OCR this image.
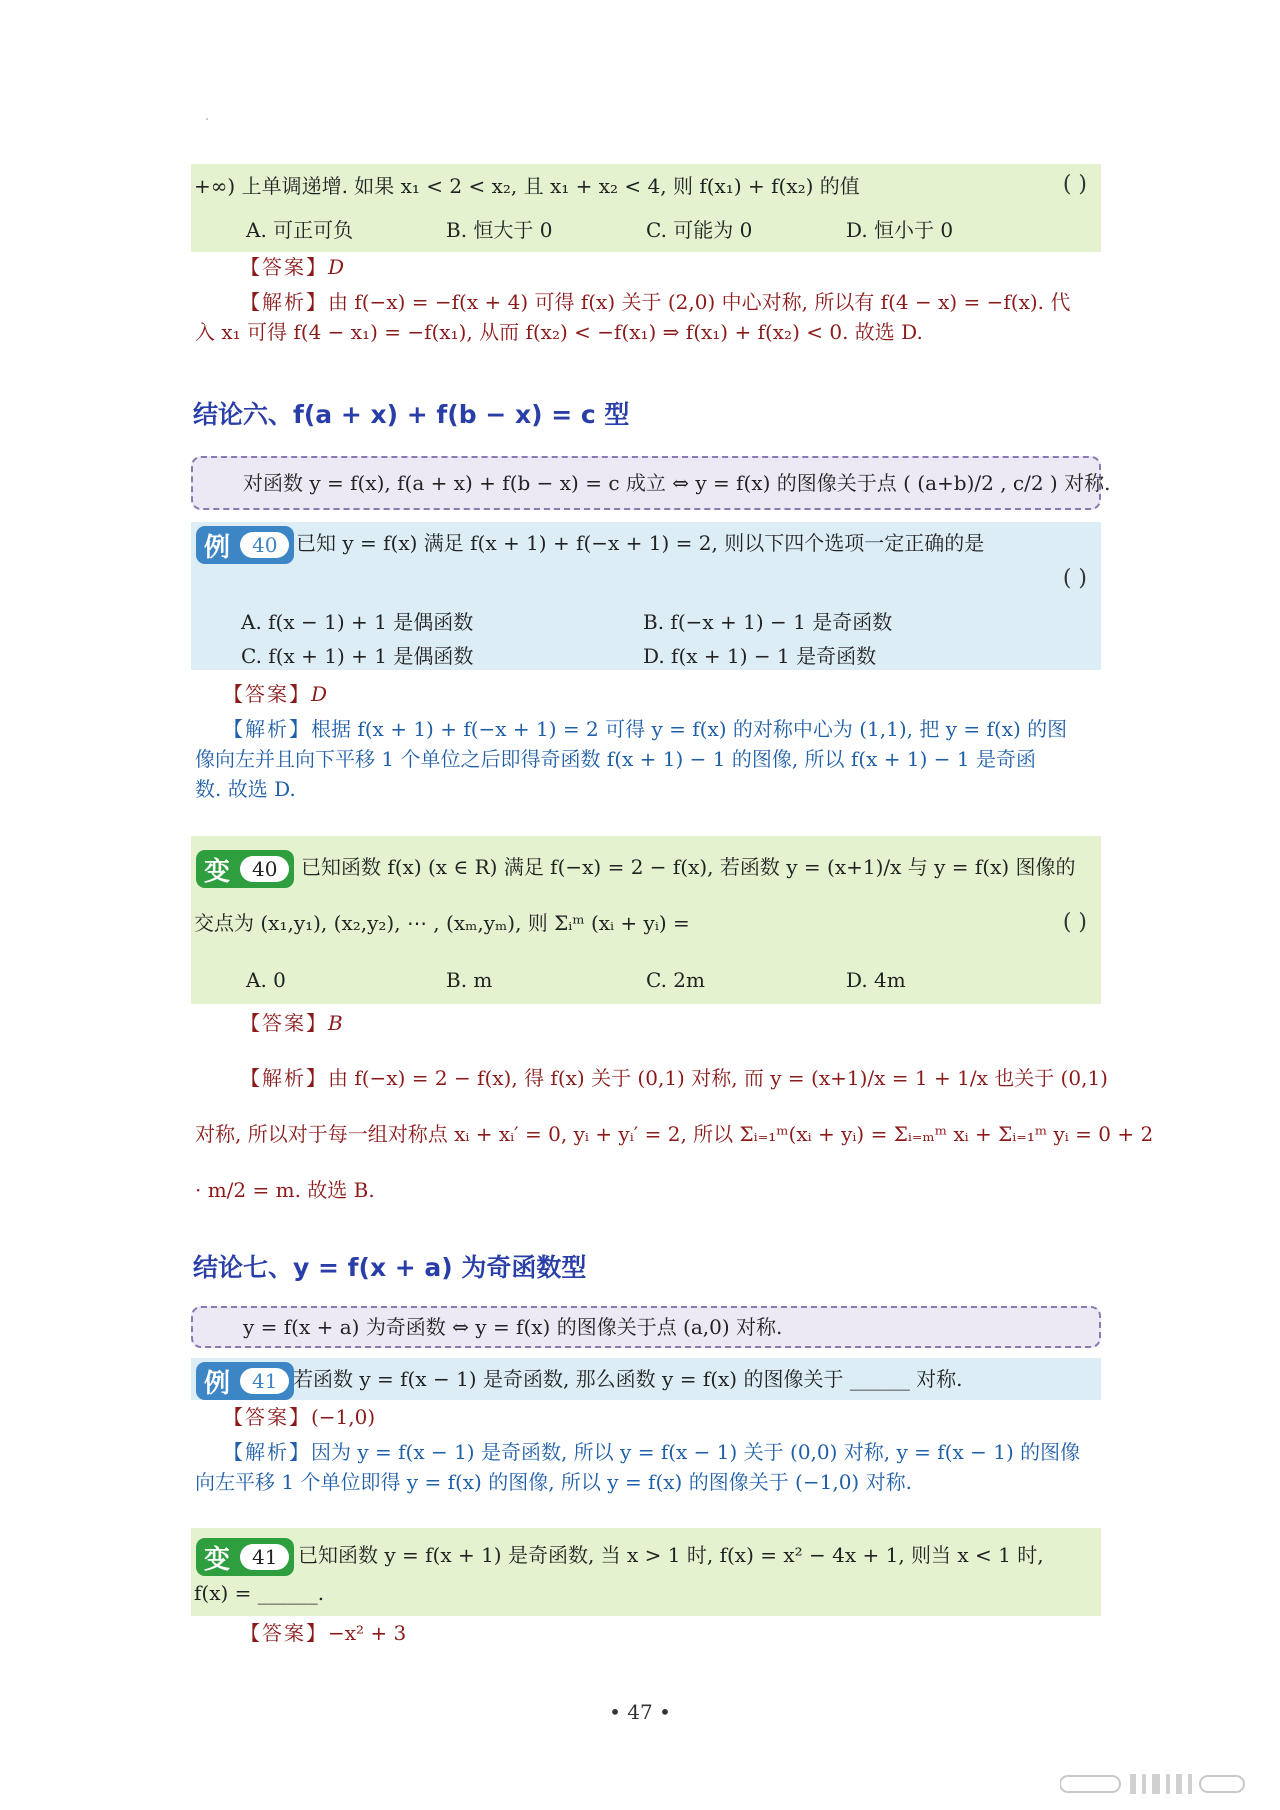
+∞) 上单调递增. 如果 x₁ < 2 < x₂, 且 x₁ + x₂ < 4, 则 f(x₁) + f(x₂) 的值	( )
A. 可正可负	B. 恒大于 0	C. 可能为 0	D. 恒小于 0
【答案】D
【解析】由 f(−x) = −f(x + 4) 可得 f(x) 关于 (2,0) 中心对称, 所以有 f(4 − x) = −f(x). 代
入 x₁ 可得 f(4 − x₁) = −f(x₁), 从而 f(x₂) < −f(x₁) ⇒ f(x₁) + f(x₂) < 0. 故选 D.
结论六、f(a + x) + f(b − x) = c 型
对函数 y = f(x), f(a + x) + f(b − x) = c 成立 ⇔ y = f(x) 的图像关于点 ( (a+b)/2 , c/2 ) 对称.
例	40 已知 y = f(x) 满足 f(x + 1) + f(−x + 1) = 2, 则以下四个选项一定正确的是
( )
A. f(x − 1) + 1 是偶函数	B. f(−x + 1) − 1 是奇函数
C. f(x + 1) + 1 是偶函数	D. f(x + 1) − 1 是奇函数
【答案】D
【解析】根据 f(x + 1) + f(−x + 1) = 2 可得 y = f(x) 的对称中心为 (1,1), 把 y = f(x) 的图
像向左并且向下平移 1 个单位之后即得奇函数 f(x + 1) − 1 的图像, 所以 f(x + 1) − 1 是奇函
数. 故选 D.
变	40	已知函数 f(x) (x ∈ R) 满足 f(−x) = 2 − f(x), 若函数 y = (x+1)/x 与 y = f(x) 图像的
交点为 (x₁,y₁), (x₂,y₂), ⋯ , (xₘ,yₘ), 则 Σᵢᵐ (xᵢ + yᵢ) =	( )
A. 0	B. m	C. 2m	D. 4m
【答案】B
【解析】由 f(−x) = 2 − f(x), 得 f(x) 关于 (0,1) 对称, 而 y = (x+1)/x = 1 + 1/x 也关于 (0,1)
对称, 所以对于每一组对称点 xᵢ + xᵢ′ = 0, yᵢ + yᵢ′ = 2, 所以 Σᵢ₌₁ᵐ(xᵢ + yᵢ) = Σᵢ₌ₘᵐ xᵢ + Σᵢ₌₁ᵐ yᵢ = 0 + 2
· m/2 = m. 故选 B.
结论七、y = f(x + a) 为奇函数型
y = f(x + a) 为奇函数 ⇔ y = f(x) 的图像关于点 (a,0) 对称.
例	41 若函数 y = f(x − 1) 是奇函数, 那么函数 y = f(x) 的图像关于 ______ 对称.
【答案】(−1,0)
【解析】因为 y = f(x − 1) 是奇函数, 所以 y = f(x − 1) 关于 (0,0) 对称, y = f(x − 1) 的图像
向左平移 1 个单位即得 y = f(x) 的图像, 所以 y = f(x) 的图像关于 (−1,0) 对称.
变	41	已知函数 y = f(x + 1) 是奇函数, 当 x > 1 时, f(x) = x² − 4x + 1, 则当 x < 1 时,
f(x) = ______.
【答案】−x² + 3
• 47 •
